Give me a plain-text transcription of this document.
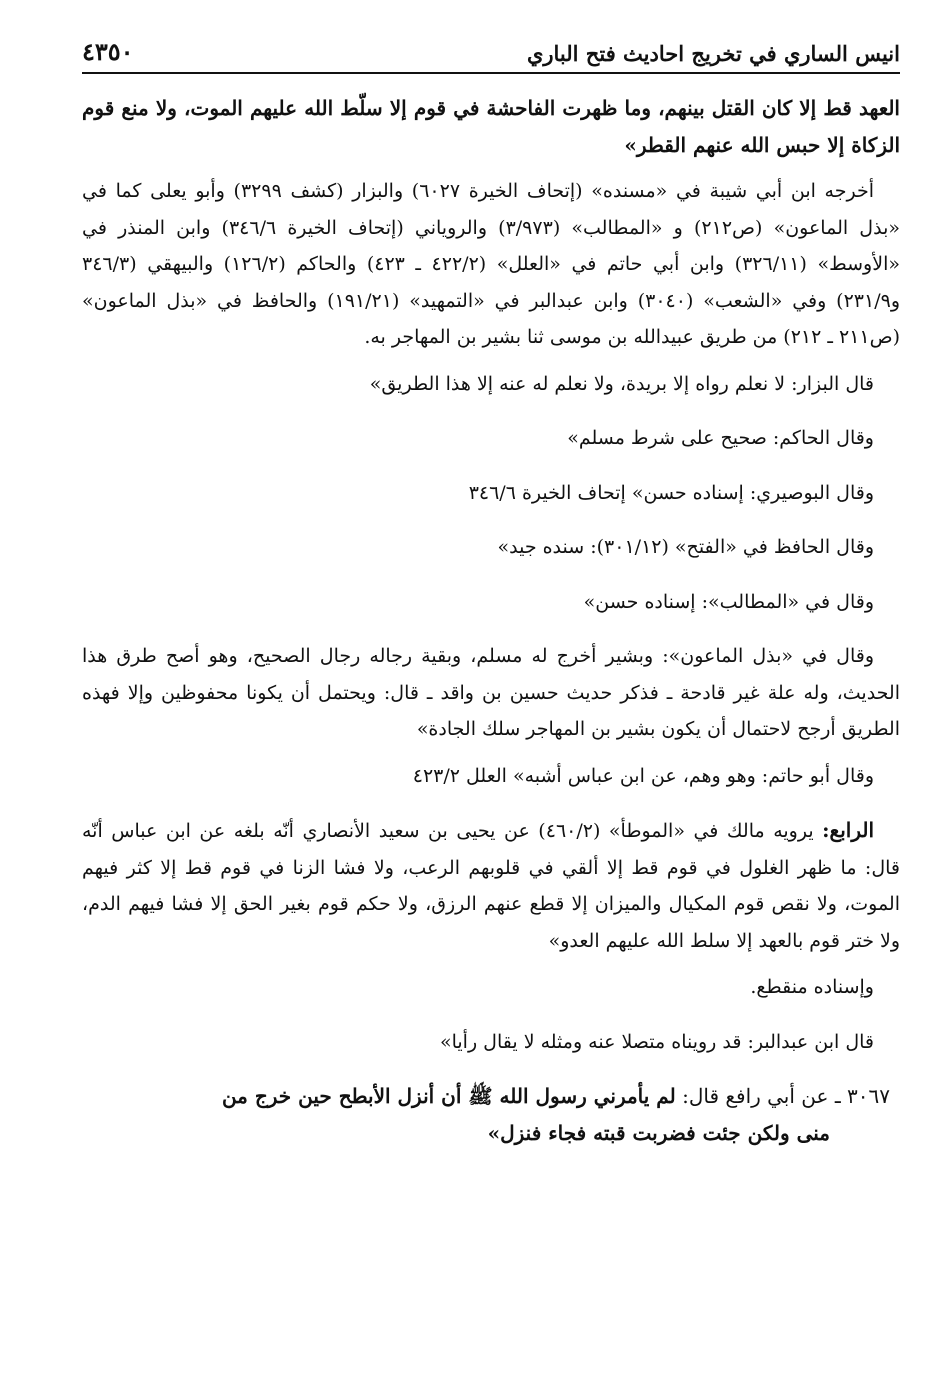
انيس الساري في تخريج احاديث فتح الباري
٤٣٥٠

العهد قط إلا كان القتل بينهم، وما ظهرت الفاحشة في قوم إلا سلّط الله عليهم الموت، ولا منع قوم الزكاة إلا حبس الله عنهم القطر»

أخرجه ابن أبي شيبة في «مسنده» (إتحاف الخيرة ٦٠٢٧) والبزار (كشف ٣٢٩٩) وأبو يعلى كما في «بذل الماعون» (ص٢١٢) و «المطالب» (٣/٩٧٣) والروياني (إتحاف الخيرة ٣٤٦/٦) وابن المنذر في «الأوسط» (٣٢٦/١١) وابن أبي حاتم في «العلل» (٤٢٢/٢ ـ ٤٢٣) والحاكم (١٢٦/٢) والبيهقي (٣٤٦/٣ و٢٣١/٩) وفي «الشعب» (٣٠٤٠) وابن عبدالبر في «التمهيد» (١٩١/٢١) والحافظ في «بذل الماعون» (ص٢١١ ـ ٢١٢) من طريق عبيدالله بن موسى ثنا بشير بن المهاجر به.

قال البزار: لا نعلم رواه إلا بريدة، ولا نعلم له عنه إلا هذا الطريق»

وقال الحاكم: صحيح على شرط مسلم»

وقال البوصيري: إسناده حسن» إتحاف الخيرة ٣٤٦/٦

وقال الحافظ في «الفتح» (٣٠١/١٢): سنده جيد»

وقال في «المطالب»: إسناده حسن»

وقال في «بذل الماعون»: وبشير أخرج له مسلم، وبقية رجاله رجال الصحيح، وهو أصح طرق هذا الحديث، وله علة غير قادحة ـ فذكر حديث حسين بن واقد ـ قال: ويحتمل أن يكونا محفوظين وإلا فهذه الطريق أرجح لاحتمال أن يكون بشير بن المهاجر سلك الجادة»

وقال أبو حاتم: وهو وهم، عن ابن عباس أشبه» العلل ٤٢٣/٢

الرابع: يرويه مالك في «الموطأ» (٤٦٠/٢) عن يحيى بن سعيد الأنصاري أنّه بلغه عن ابن عباس أنّه قال: ما ظهر الغلول في قوم قط إلا ألقي في قلوبهم الرعب، ولا فشا الزنا في قوم قط إلا كثر فيهم الموت، ولا نقص قوم المكيال والميزان إلا قطع عنهم الرزق، ولا حكم قوم بغير الحق إلا فشا فيهم الدم، ولا ختر قوم بالعهد إلا سلط الله عليهم العدو»

وإسناده منقطع.

قال ابن عبدالبر: قد رويناه متصلا عنه ومثله لا يقال رأيا»

٣٠٦٧ ـ عن أبي رافع قال: لم يأمرني رسول الله ﷺ أن أنزل الأبطح حين خرج من

منى ولكن جئت فضربت قبته فجاء فنزل»
